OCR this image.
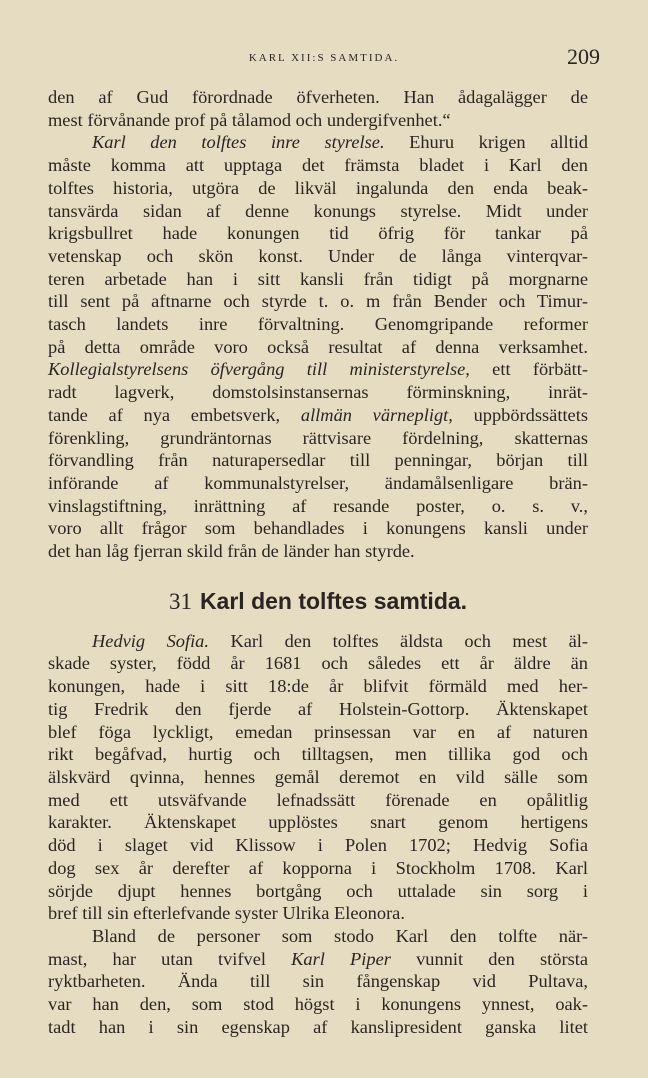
KARL XII:S SAMTIDA.	209

den af Gud förordnade öfverheten. Han ådagalägger de
mest förvånande prof på tålamod och undergifvenhet.“

Karl den tolftes inre styrelse. Ehuru krigen alltid
måste komma att upptaga det främsta bladet i Karl den
tolftes historia, utgöra de likväl ingalunda den enda beak-
tansvärda sidan af denne konungs styrelse. Midt under
krigsbullret hade konungen tid öfrig för tankar på
vetenskap och skön konst. Under de långa vinterqvar-
teren arbetade han i sitt kansli från tidigt på morgnarne
till sent på aftnarne och styrde t. o. m från Bender och Timur-
tasch landets inre förvaltning. Genomgripande reformer
på detta område voro också resultat af denna verksamhet.
Kollegialstyrelsens öfvergång till ministerstyrelse, ett förbätt-
radt lagverk, domstolsinstansernas förminskning, inrät-
tande af nya embetsverk, allmän värnepligt, uppbördssättets
förenkling, grundräntornas rättvisare fördelning, skatternas
förvandling från naturapersedlar till penningar, början till
införande af kommunalstyrelser, ändamålsenligare brän-
vinslagstiftning, inrättning af resande poster, o. s. v.,
voro allt frågor som behandlades i konungens kansli under
det han låg fjerran skild från de länder han styrde.

31 Karl den tolftes samtida.

Hedvig Sofia. Karl den tolftes äldsta och mest äl-
skade syster, född år 1681 och således ett år äldre än
konungen, hade i sitt 18:de år blifvit förmäld med her-
tig Fredrik den fjerde af Holstein-Gottorp. Äktenskapet
blef föga lyckligt, emedan prinsessan var en af naturen
rikt begåfvad, hurtig och tilltagsen, men tillika god och
älskvärd qvinna, hennes gemål deremot en vild sälle som
med ett utsväfvande lefnadssätt förenade en opålitlig
karakter. Äktenskapet upplöstes snart genom hertigens
död i slaget vid Klissow i Polen 1702; Hedvig Sofia
dog sex år derefter af kopporna i Stockholm 1708. Karl
sörjde djupt hennes bortgång och uttalade sin sorg i
bref till sin efterlefvande syster Ulrika Eleonora.

Bland de personer som stodo Karl den tolfte när-
mast, har utan tvifvel Karl Piper vunnit den största
ryktbarheten. Ända till sin fångenskap vid Pultava,
var han den, som stod högst i konungens ynnest, oak-
tadt han i sin egenskap af kanslipresident ganska litet
